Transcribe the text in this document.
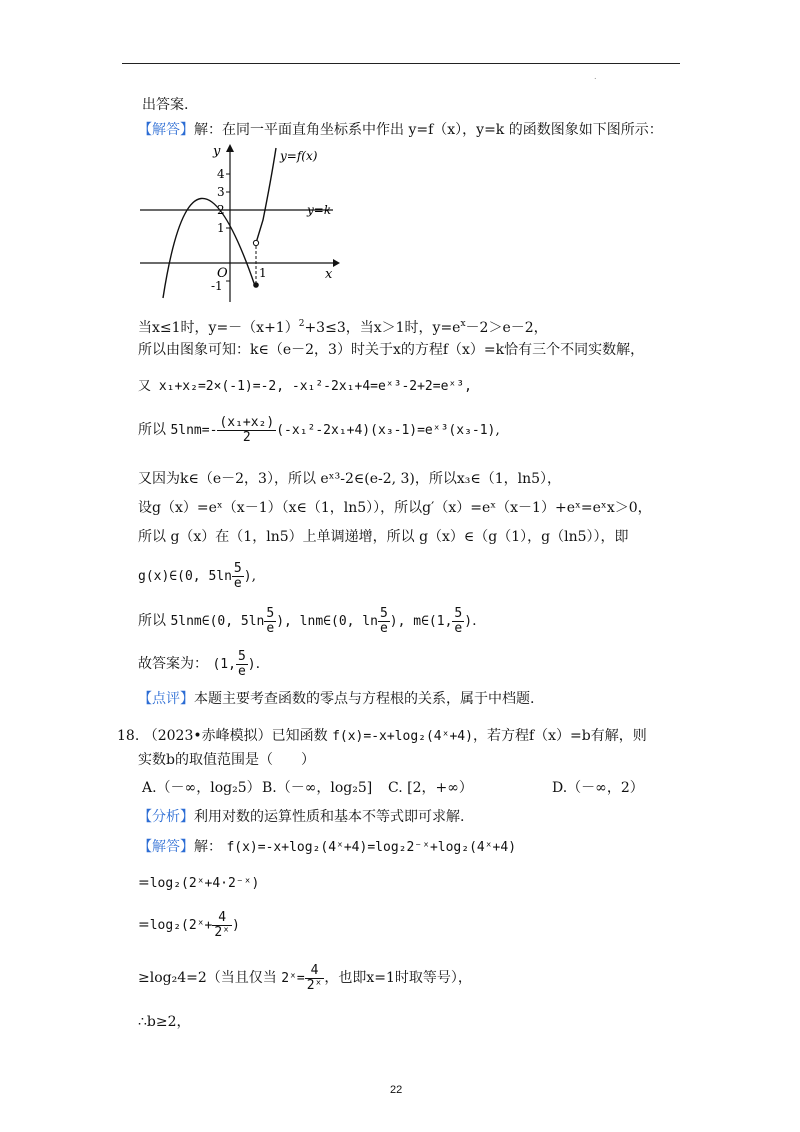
.
出答案.
【解答】解：在同一平面直角坐标系中作出 y=f（x），y=k 的函数图象如下图所示：
y
x
O
4
3
2
1
-1
1
y=f(x)
y=k
当x≤1时，$y=-(x+1)^2+3\le 3$，当x＞1时，$y=e^x-2>e-2$，
所以由图象可知：k∈（e－2，3）时关于x的方程f（x）=k恰有三个不同实数解，
又 x₁+x₂=2×(-1)=-2, -x₁²-2x₁+4=eˣ³-2+2=eˣ³,
所以 $5\ln m=- \frac{\text{(x₁+x₂)}}{2}$ (-x₁²-2x₁+4)(x₃-1)=eˣ³(x₃-1),
又因为k∈（e－2，3），所以 eˣ³-2∈(e-2, 3)，所以x₃∈（1，ln5），
设g（x）=eˣ（x－1）（x∈（1，ln5）），所以g′（x）=eˣ（x－1）+eˣ=eˣx＞0，
所以 g（x）在（1，ln5）上单调递增，所以 g（x）∈（g（1），g（ln5）），即
g(x)∈(0, $5\ln \frac{5}{e}$ ),
所以 5lnm∈(0, $5\ln \frac{5}{e}$ ), lnm∈(0, $\ln \frac{5}{e}$ ), m∈(1, $\frac{5}{e}$ ).
故答案为： (1, $\frac{5}{e}$ ).
【点评】本题主要考查函数的零点与方程根的关系，属于中档题.
18. （2023•赤峰模拟）已知函数 f(x)=-x+log₂(4ˣ+4)，若方程f（x）=b有解，则
实数b的取值范围是（　　）
A.（－∞，log₂5） B.（－∞，log₂5] C. [2，+∞）	D.（－∞，2）
【分析】利用对数的运算性质和基本不等式即可求解.
【解答】解： f(x)=-x+log₂(4ˣ+4)=log₂2⁻ˣ+log₂(4ˣ+4)
=log₂(2ˣ+4·2⁻ˣ)
=log₂(2ˣ+ $\frac{4}{\text{2ˣ}}$ )
≥log₂4=2（当且仅当 2ˣ= $\frac{4}{\text{2ˣ}}$ ，也即x=1时取等号），
∴b≥2，
22
